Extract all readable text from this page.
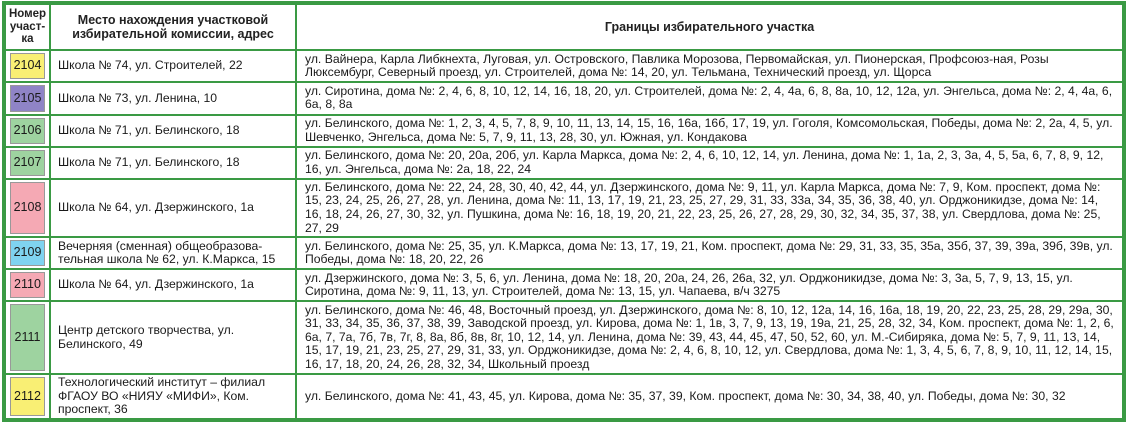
Номер участ-ка	Место нахождения участковой избирательной комиссии, адрес	Границы избирательного участка

2104	Школа № 74, ул. Строителей, 22	ул. Вайнера, Карла Либкнехта, Луговая, ул. Островского, Павлика Морозова, Первомайская, ул. Пионерская, Профсоюз-ная, Розы Люксембург, Северный проезд, ул. Строителей, дома №: 14, 20, ул. Тельмана, Технический проезд, ул. Щорса

2105	Школа № 73, ул. Ленина, 10	ул. Сиротина, дома №: 2, 4, 6, 8, 10, 12, 14, 16, 18, 20, ул. Строителей, дома №: 2, 4, 4а, 6, 8, 8а, 10, 12, 12а, ул. Энгельса, дома №: 2, 4, 4а, 6, 6а, 8, 8а

2106	Школа № 71, ул. Белинского, 18	ул. Белинского, дома №: 1, 2, 3, 4, 5, 7, 8, 9, 10, 11, 13, 14, 15, 16, 16а, 16б, 17, 19, ул. Гоголя, Комсомольская, Победы, дома №: 2, 2а, 4, 5, ул. Шевченко, Энгельса, дома №: 5, 7, 9, 11, 13, 28, 30, ул. Южная, ул. Кондакова

2107	Школа № 71, ул. Белинского, 18	ул. Белинского, дома №: 20, 20а, 20б, ул. Карла Маркса, дома №: 2, 4, 6, 10, 12, 14, ул. Ленина, дома №: 1, 1а, 2, 3, 3а, 4, 5, 5а, 6, 7, 8, 9, 12, 16, ул. Энгельса, дома №: 2а, 18, 22, 24

2108	Школа № 64, ул. Дзержинского, 1а	ул. Белинского, дома №: 22, 24, 28, 30, 40, 42, 44, ул. Дзержинского, дома №: 9, 11, ул. Карла Маркса, дома №: 7, 9, Ком. проспект, дома №: 15, 23, 24, 25, 26, 27, 28, ул. Ленина, дома №: 11, 13, 17, 19, 21, 23, 25, 27, 29, 31, 33, 33а, 34, 35, 36, 38, 40, ул. Орджоникидзе, дома №: 14, 16, 18, 24, 26, 27, 30, 32, ул. Пушкина, дома №: 16, 18, 19, 20, 21, 22, 23, 25, 26, 27, 28, 29, 30, 32, 34, 35, 37, 38, ул. Свердлова, дома №: 25, 27, 29

2109	Вечерняя (сменная) общеобразова-тельная школа № 62, ул. К.Маркса, 15	ул. Белинского, дома №: 25, 35, ул. К.Маркса, дома №: 13, 17, 19, 21, Ком. проспект, дома №: 29, 31, 33, 35, 35а, 35б, 37, 39, 39а, 39б, 39в, ул. Победы, дома №: 18, 20, 22, 26

2110	Школа № 64, ул. Дзержинского, 1а	ул. Дзержинского, дома №: 3, 5, 6, ул. Ленина, дома №: 18, 20, 20а, 24, 26, 26а, 32, ул. Орджоникидзе, дома №: 3, 3а, 5, 7, 9, 13, 15, ул. Сиротина, дома №: 9, 11, 13, ул. Строителей, дома №: 13, 15, ул. Чапаева, в/ч 3275

2111	Центр детского творчества, ул. Белинского, 49	ул. Белинского, дома №: 46, 48, Восточный проезд, ул. Дзержинского, дома №: 8, 10, 12, 12а, 14, 16, 16а, 18, 19, 20, 22, 23, 25, 28, 29, 29а, 30, 31, 33, 34, 35, 36, 37, 38, 39, Заводской проезд, ул. Кирова, дома №: 1, 1в, 3, 7, 9, 13, 19, 19а, 21, 25, 28, 32, 34, Ком. проспект, дома №: 1, 2, 6, 6а, 7, 7а, 7б, 7в, 7г, 8, 8а, 8б, 8в, 8г, 10, 12, 14, ул. Ленина, дома №: 39, 43, 44, 45, 47, 50, 52, 60, ул. М.-Сибиряка, дома №: 5, 7, 9, 11, 13, 14, 15, 17, 19, 21, 23, 25, 27, 29, 31, 33, ул. Орджоникидзе, дома №: 2, 4, 6, 8, 10, 12, ул. Свердлова, дома №: 1, 3, 4, 5, 6, 7, 8, 9, 10, 11, 12, 14, 15, 16, 17, 18, 20, 24, 26, 28, 32, 34, Школьный проезд

2112	Технологический институт – филиал ФГАОУ ВО «НИЯУ «МИФИ», Ком. проспект, 36	ул. Белинского, дома №: 41, 43, 45, ул. Кирова, дома №: 35, 37, 39, Ком. проспект, дома №: 30, 34, 38, 40, ул. Победы, дома №: 30, 32
